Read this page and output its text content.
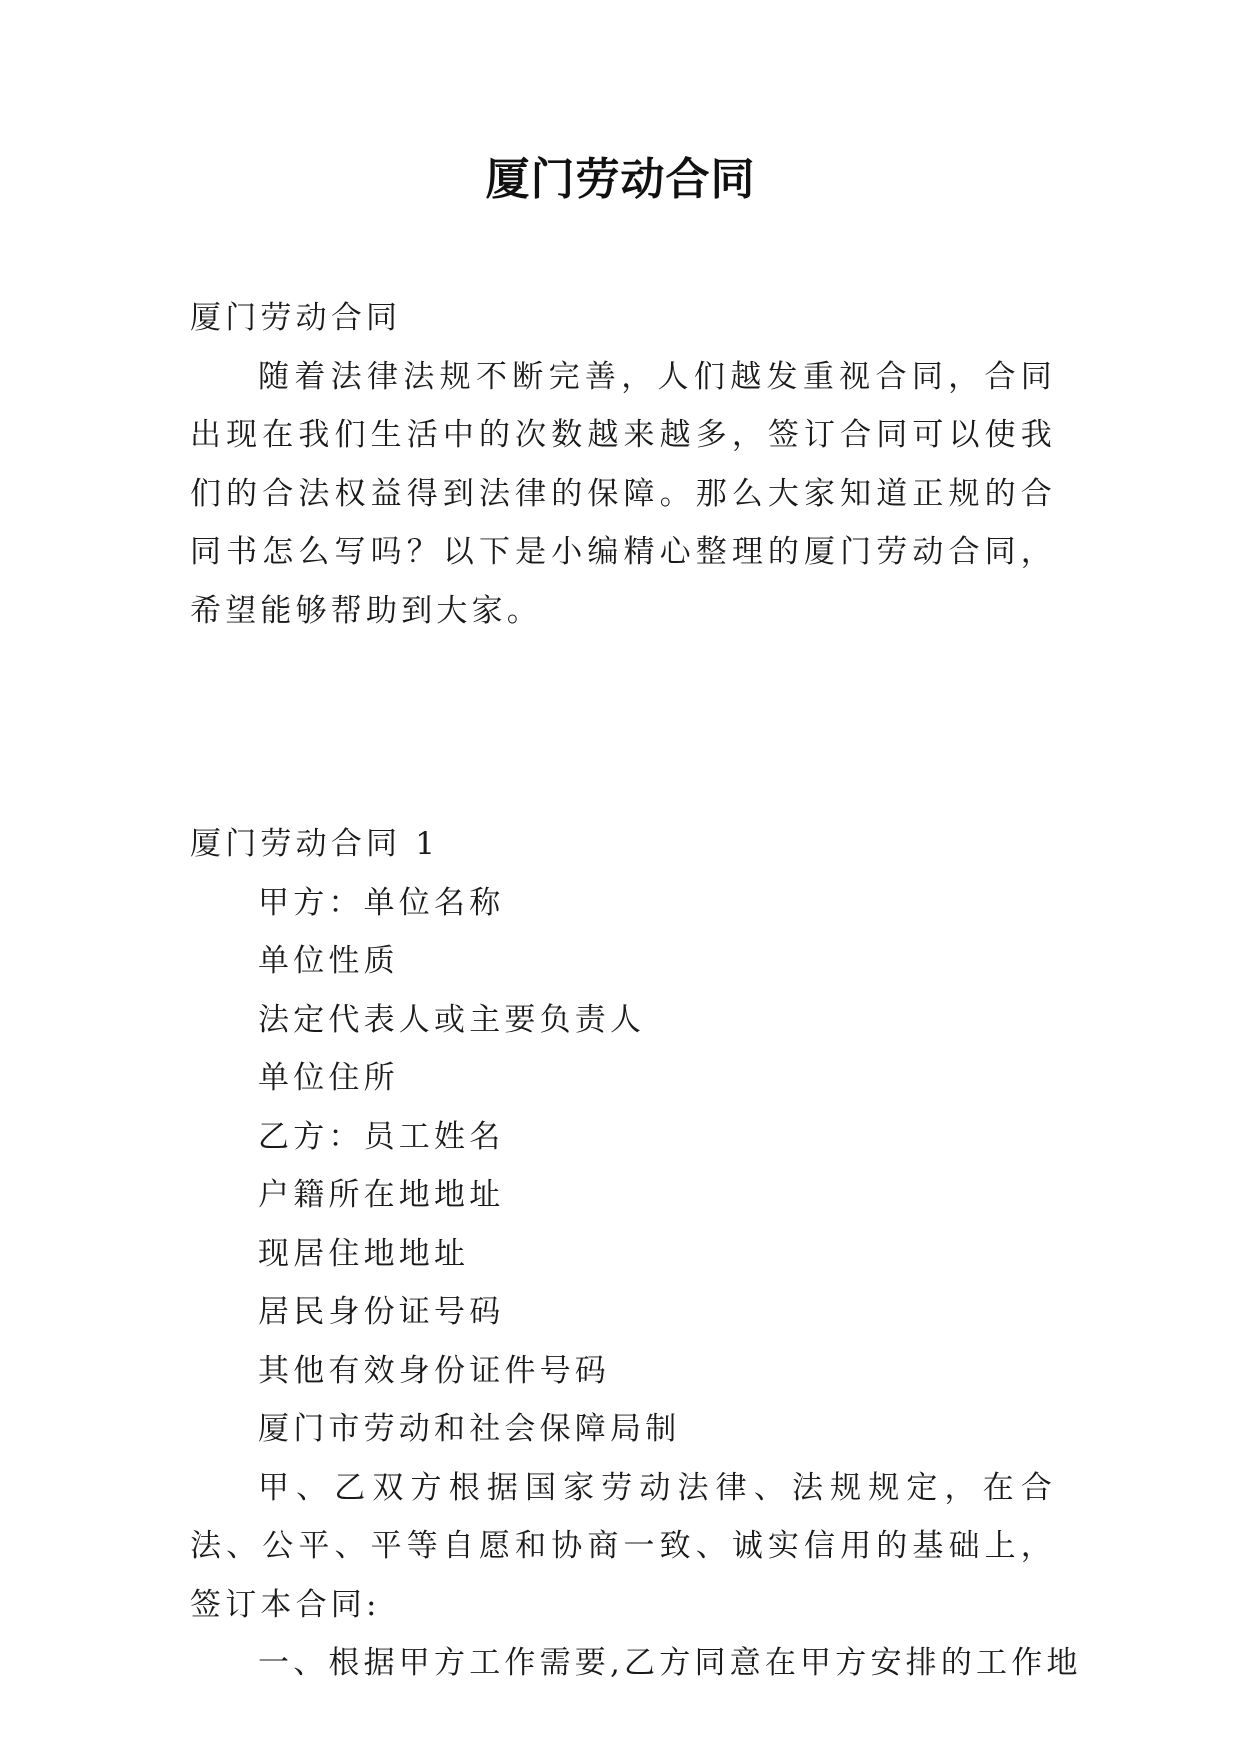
厦门劳动合同

厦门劳动合同

随着法律法规不断完善，人们越发重视合同，合同出现在我们生活中的次数越来越多，签订合同可以使我们的合法权益得到法律的保障。那么大家知道正规的合同书怎么写吗？以下是小编精心整理的厦门劳动合同，希望能够帮助到大家。

厦门劳动合同 1

甲方：单位名称

单位性质

法定代表人或主要负责人

单位住所

乙方：员工姓名

户籍所在地地址

现居住地地址

居民身份证号码

其他有效身份证件号码

厦门市劳动和社会保障局制

甲、乙双方根据国家劳动法律、法规规定，在合法、公平、平等自愿和协商一致、诚实信用的基础上，签订本合同:

一、根据甲方工作需要,乙方同意在甲方安排的工作地
